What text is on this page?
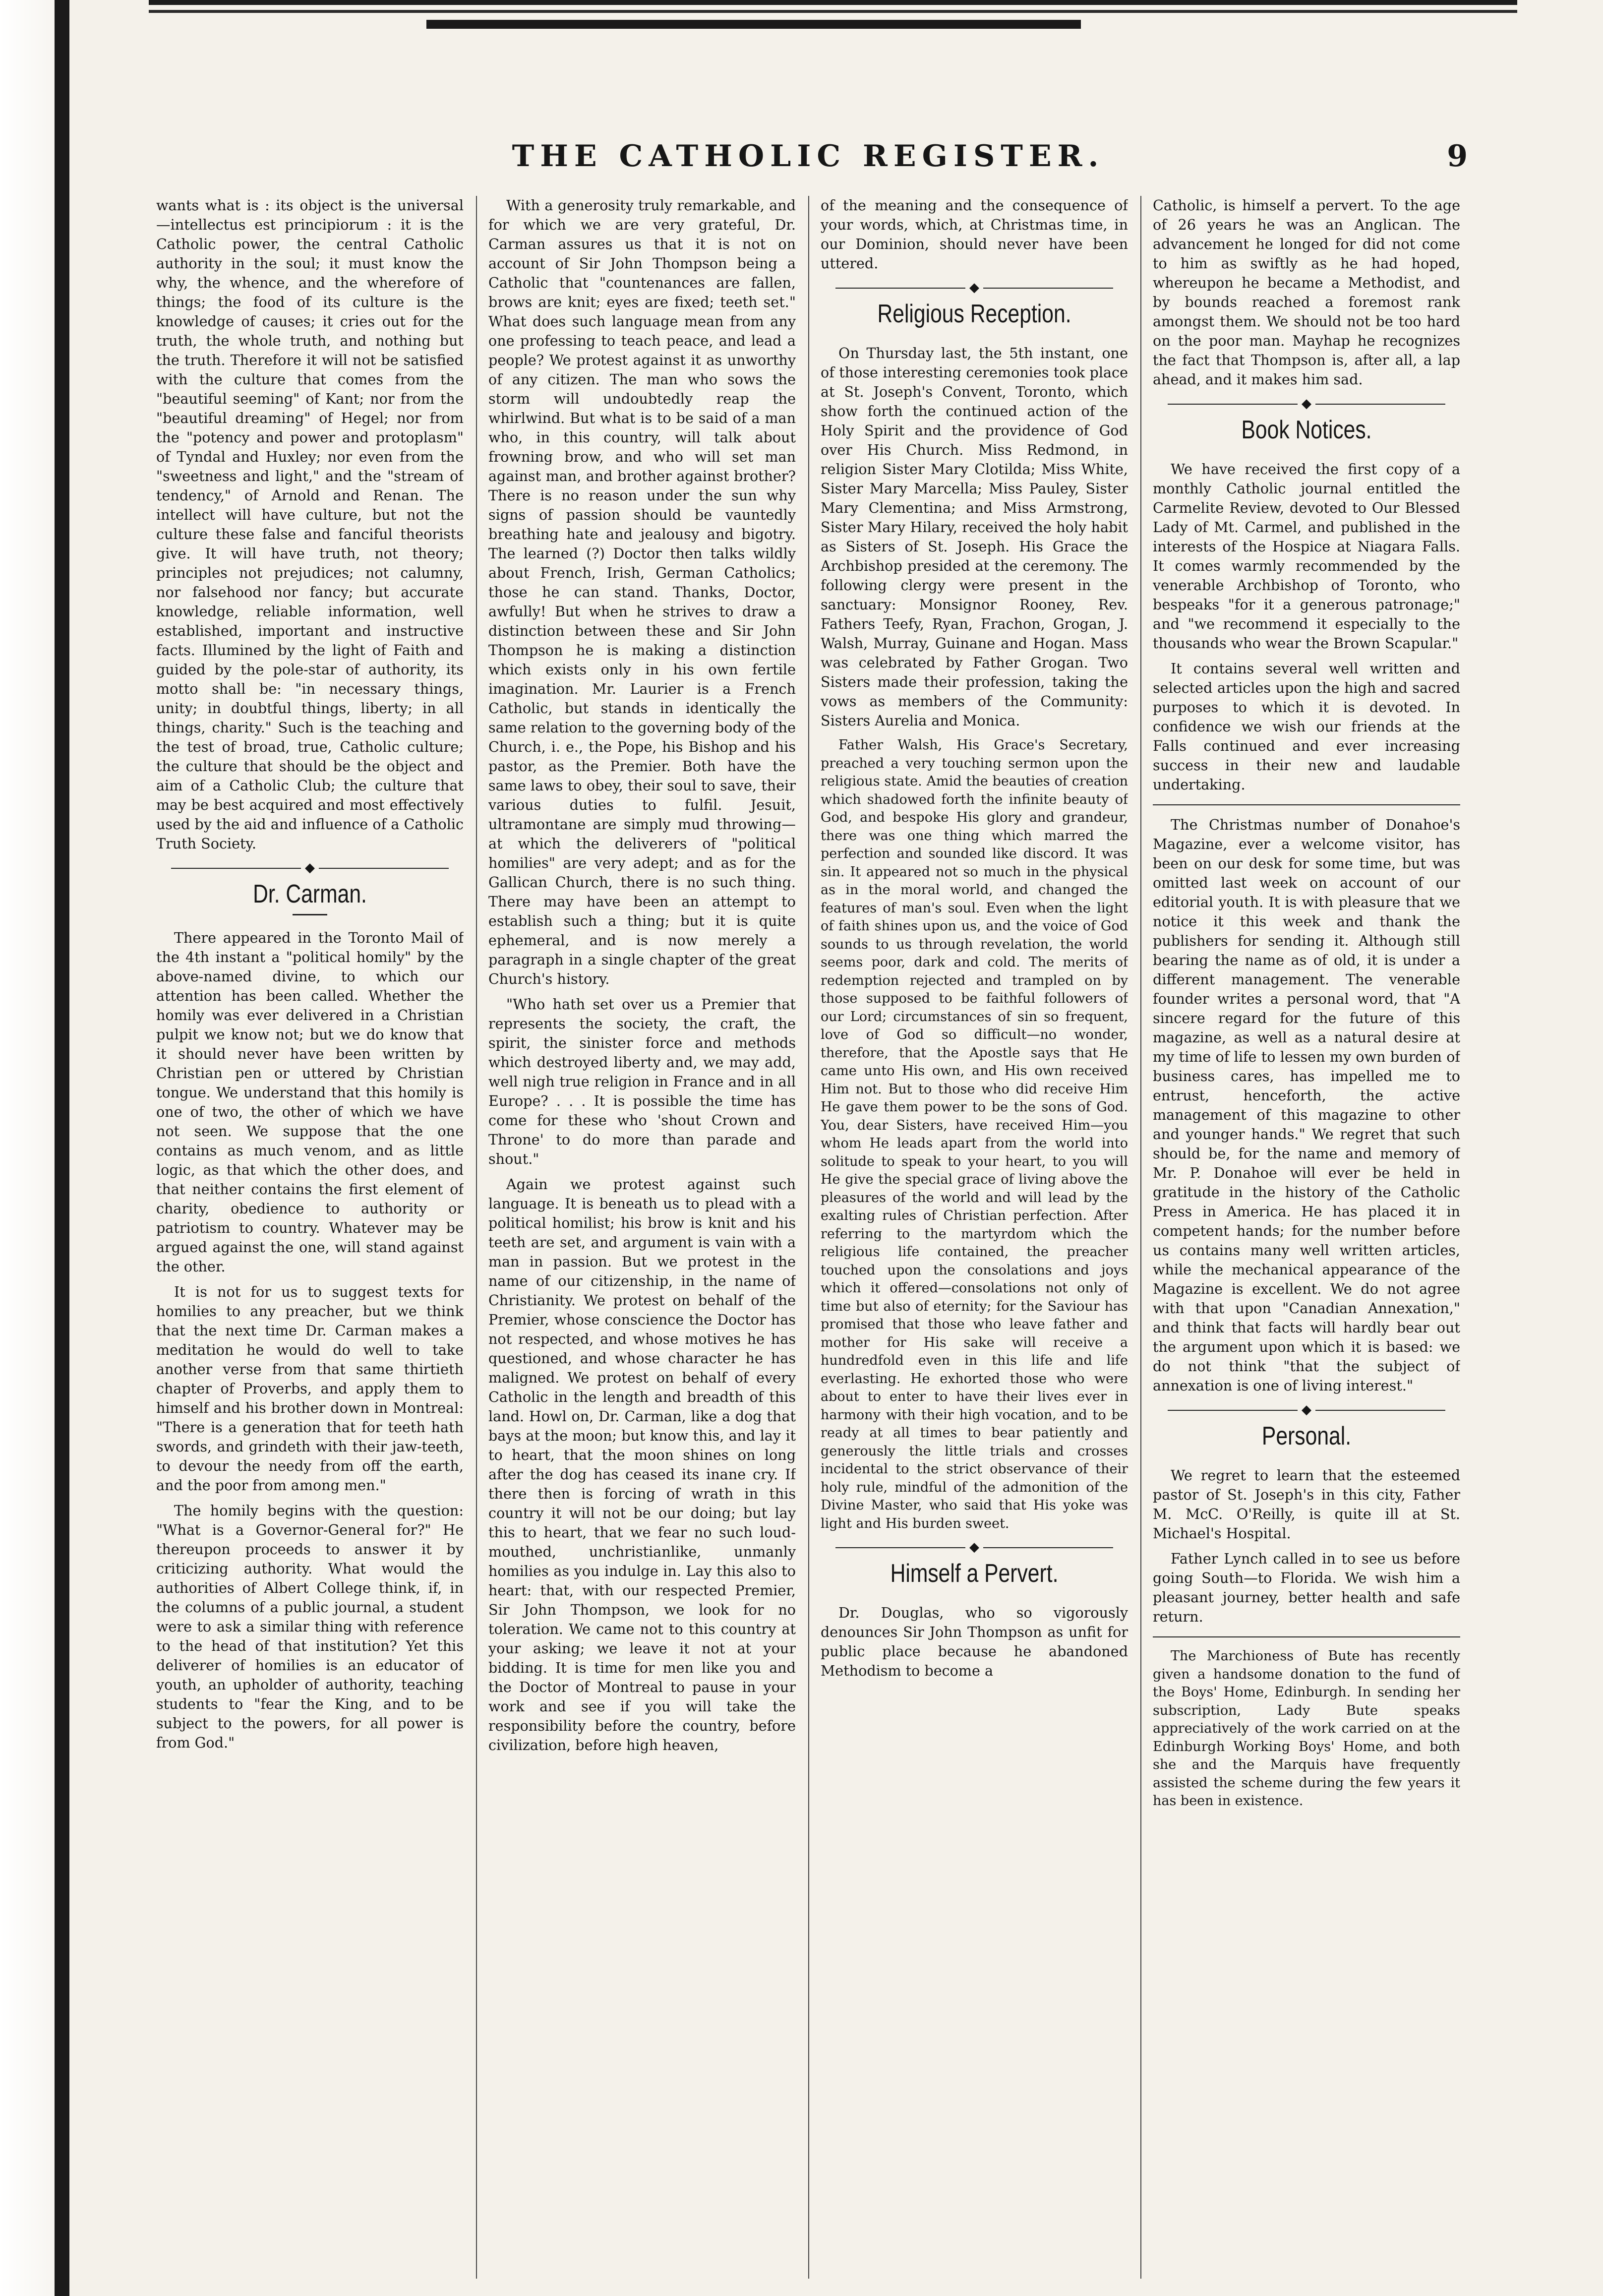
THE CATHOLIC REGISTER.	9

wants what is : its object is the universal—intellectus est principiorum : it is the Catholic power, the central Catholic authority in the soul; it must know the why, the whence, and the wherefore of things; the food of its culture is the knowledge of causes; it cries out for the truth, the whole truth, and nothing but the truth. Therefore it will not be satisfied with the culture that comes from the "beautiful seeming" of Kant; nor from the "beautiful dreaming" of Hegel; nor from the "potency and power and protoplasm" of Tyndal and Huxley; nor even from the "sweetness and light," and the "stream of tendency," of Arnold and Renan. The intellect will have culture, but not the culture these false and fanciful theorists give. It will have truth, not theory; principles not prejudices; not calumny, nor falsehood nor fancy; but accurate knowledge, reliable information, well established, important and instructive facts. Illumined by the light of Faith and guided by the pole-star of authority, its motto shall be: "in necessary things, unity; in doubtful things, liberty; in all things, charity." Such is the teaching and the test of broad, true, Catholic culture; the culture that should be the object and aim of a Catholic Club; the culture that may be best acquired and most effectively used by the aid and influence of a Catholic Truth Society.

◆
Dr. Carman.

There appeared in the Toronto Mail of the 4th instant a "political homily" by the above-named divine, to which our attention has been called. Whether the homily was ever delivered in a Christian pulpit we know not; but we do know that it should never have been written by Christian pen or uttered by Christian tongue. We understand that this homily is one of two, the other of which we have not seen. We suppose that the one contains as much venom, and as little logic, as that which the other does, and that neither contains the first element of charity, obedience to authority or patriotism to country. Whatever may be argued against the one, will stand against the other.

It is not for us to suggest texts for homilies to any preacher, but we think that the next time Dr. Carman makes a meditation he would do well to take another verse from that same thirtieth chapter of Proverbs, and apply them to himself and his brother down in Montreal: "There is a generation that for teeth hath swords, and grindeth with their jaw-teeth, to devour the needy from off the earth, and the poor from among men."

The homily begins with the question: "What is a Governor-General for?" He thereupon proceeds to answer it by criticizing authority. What would the authorities of Albert College think, if, in the columns of a public journal, a student were to ask a similar thing with reference to the head of that institution? Yet this deliverer of homilies is an educator of youth, an upholder of authority, teaching students to "fear the King, and to be subject to the powers, for all power is from God."

With a generosity truly remarkable, and for which we are very grateful, Dr. Carman assures us that it is not on account of Sir John Thompson being a Catholic that "countenances are fallen, brows are knit; eyes are fixed; teeth set." What does such language mean from any one professing to teach peace, and lead a people? We protest against it as unworthy of any citizen. The man who sows the storm will undoubtedly reap the whirlwind. But what is to be said of a man who, in this country, will talk about frowning brow, and who will set man against man, and brother against brother? There is no reason under the sun why signs of passion should be vauntedly breathing hate and jealousy and bigotry. The learned (?) Doctor then talks wildly about French, Irish, German Catholics; those he can stand. Thanks, Doctor, awfully! But when he strives to draw a distinction between these and Sir John Thompson he is making a distinction which exists only in his own fertile imagination. Mr. Laurier is a French Catholic, but stands in identically the same relation to the governing body of the Church, i. e., the Pope, his Bishop and his pastor, as the Premier. Both have the same laws to obey, their soul to save, their various duties to fulfil. Jesuit, ultramontane are simply mud throwing—at which the deliverers of "political homilies" are very adept; and as for the Gallican Church, there is no such thing. There may have been an attempt to establish such a thing; but it is quite ephemeral, and is now merely a paragraph in a single chapter of the great Church's history.

"Who hath set over us a Premier that represents the society, the craft, the spirit, the sinister force and methods which destroyed liberty and, we may add, well nigh true religion in France and in all Europe? . . . It is possible the time has come for these who 'shout Crown and Throne' to do more than parade and shout."

Again we protest against such language. It is beneath us to plead with a political homilist; his brow is knit and his teeth are set, and argument is vain with a man in passion. But we protest in the name of our citizenship, in the name of Christianity. We protest on behalf of the Premier, whose conscience the Doctor has not respected, and whose motives he has questioned, and whose character he has maligned. We protest on behalf of every Catholic in the length and breadth of this land. Howl on, Dr. Carman, like a dog that bays at the moon; but know this, and lay it to heart, that the moon shines on long after the dog has ceased its inane cry. If there then is forcing of wrath in this country it will not be our doing; but lay this to heart, that we fear no such loud-mouthed, unchristianlike, unmanly homilies as you indulge in. Lay this also to heart: that, with our respected Premier, Sir John Thompson, we look for no toleration. We came not to this country at your asking; we leave it not at your bidding. It is time for men like you and the Doctor of Montreal to pause in your work and see if you will take the responsibility before the country, before civilization, before high heaven,

of the meaning and the consequence of your words, which, at Christmas time, in our Dominion, should never have been uttered.

◆
Religious Reception.

On Thursday last, the 5th instant, one of those interesting ceremonies took place at St. Joseph's Convent, Toronto, which show forth the continued action of the Holy Spirit and the providence of God over His Church. Miss Redmond, in religion Sister Mary Clotilda; Miss White, Sister Mary Marcella; Miss Pauley, Sister Mary Clementina; and Miss Armstrong, Sister Mary Hilary, received the holy habit as Sisters of St. Joseph. His Grace the Archbishop presided at the ceremony. The following clergy were present in the sanctuary: Monsignor Rooney, Rev. Fathers Teefy, Ryan, Frachon, Grogan, J. Walsh, Murray, Guinane and Hogan. Mass was celebrated by Father Grogan. Two Sisters made their profession, taking the vows as members of the Community: Sisters Aurelia and Monica.

Father Walsh, His Grace's Secretary, preached a very touching sermon upon the religious state. Amid the beauties of creation which shadowed forth the infinite beauty of God, and bespoke His glory and grandeur, there was one thing which marred the perfection and sounded like discord. It was sin. It appeared not so much in the physical as in the moral world, and changed the features of man's soul. Even when the light of faith shines upon us, and the voice of God sounds to us through revelation, the world seems poor, dark and cold. The merits of redemption rejected and trampled on by those supposed to be faithful followers of our Lord; circumstances of sin so frequent, love of God so difficult—no wonder, therefore, that the Apostle says that He came unto His own, and His own received Him not. But to those who did receive Him He gave them power to be the sons of God. You, dear Sisters, have received Him—you whom He leads apart from the world into solitude to speak to your heart, to you will He give the special grace of living above the pleasures of the world and will lead by the exalting rules of Christian perfection. After referring to the martyrdom which the religious life contained, the preacher touched upon the consolations and joys which it offered—consolations not only of time but also of eternity; for the Saviour has promised that those who leave father and mother for His sake will receive a hundredfold even in this life and life everlasting. He exhorted those who were about to enter to have their lives ever in harmony with their high vocation, and to be ready at all times to bear patiently and generously the little trials and crosses incidental to the strict observance of their holy rule, mindful of the admonition of the Divine Master, who said that His yoke was light and His burden sweet.

◆
Himself a Pervert.

Dr. Douglas, who so vigorously denounces Sir John Thompson as unfit for public place because he abandoned Methodism to become a

Catholic, is himself a pervert. To the age of 26 years he was an Anglican. The advancement he longed for did not come to him as swiftly as he had hoped, whereupon he became a Methodist, and by bounds reached a foremost rank amongst them. We should not be too hard on the poor man. Mayhap he recognizes the fact that Thompson is, after all, a lap ahead, and it makes him sad.

◆
Book Notices.

We have received the first copy of a monthly Catholic journal entitled the Carmelite Review, devoted to Our Blessed Lady of Mt. Carmel, and published in the interests of the Hospice at Niagara Falls. It comes warmly recommended by the venerable Archbishop of Toronto, who bespeaks "for it a generous patronage;" and "we recommend it especially to the thousands who wear the Brown Scapular."

It contains several well written and selected articles upon the high and sacred purposes to which it is devoted. In confidence we wish our friends at the Falls continued and ever increasing success in their new and laudable undertaking.

The Christmas number of Donahoe's Magazine, ever a welcome visitor, has been on our desk for some time, but was omitted last week on account of our editorial youth. It is with pleasure that we notice it this week and thank the publishers for sending it. Although still bearing the name as of old, it is under a different management. The venerable founder writes a personal word, that "A sincere regard for the future of this magazine, as well as a natural desire at my time of life to lessen my own burden of business cares, has impelled me to entrust, henceforth, the active management of this magazine to other and younger hands." We regret that such should be, for the name and memory of Mr. P. Donahoe will ever be held in gratitude in the history of the Catholic Press in America. He has placed it in competent hands; for the number before us contains many well written articles, while the mechanical appearance of the Magazine is excellent. We do not agree with that upon "Canadian Annexation," and think that facts will hardly bear out the argument upon which it is based: we do not think "that the subject of annexation is one of living interest."

◆
Personal.

We regret to learn that the esteemed pastor of St. Joseph's in this city, Father M. McC. O'Reilly, is quite ill at St. Michael's Hospital.

Father Lynch called in to see us before going South—to Florida. We wish him a pleasant journey, better health and safe return.

The Marchioness of Bute has recently given a handsome donation to the fund of the Boys' Home, Edinburgh. In sending her subscription, Lady Bute speaks appreciatively of the work carried on at the Edinburgh Working Boys' Home, and both she and the Marquis have frequently assisted the scheme during the few years it has been in existence.
